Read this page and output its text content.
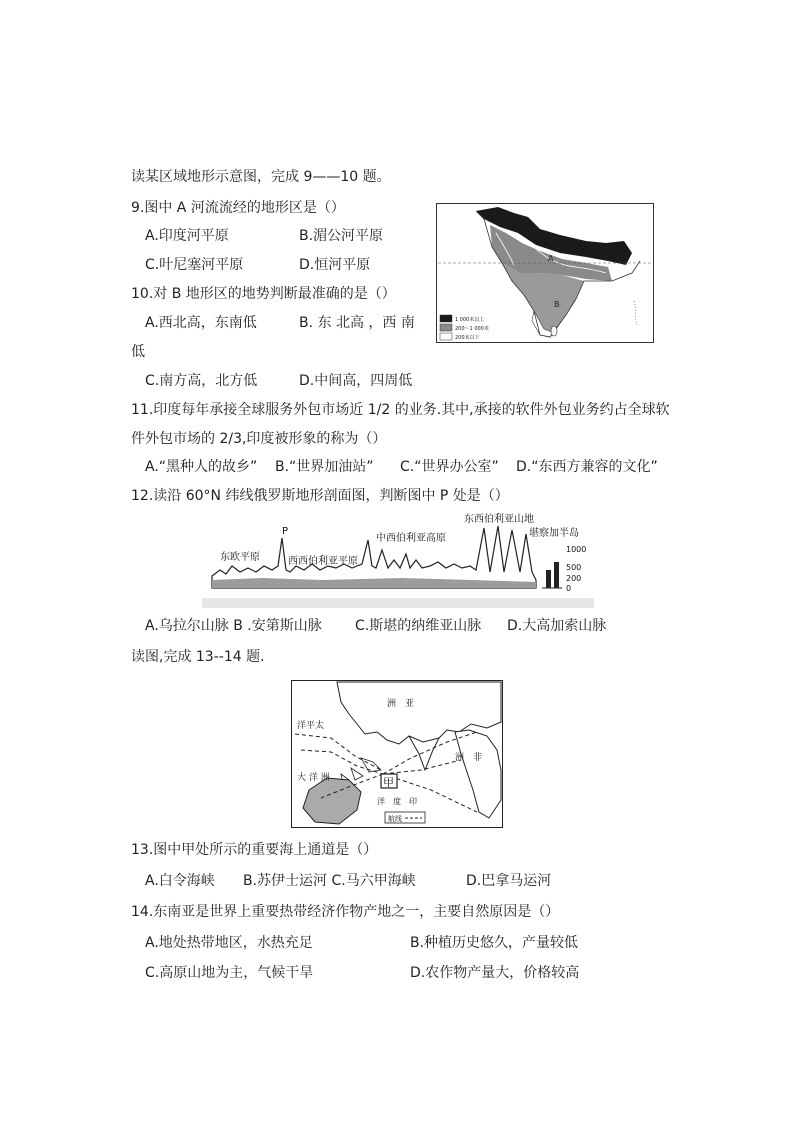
读某区域地形示意图，完成 9——10 题。
9.图中 A 河流流经的地形区是（）
A.印度河平原	B.湄公河平原
C.叶尼塞河平原	D.恒河平原
10.对 B 地形区的地势判断最准确的是（）
A.西北高，东南低	B. 东 北高 ，西 南
低
C.南方高，北方低	D.中间高，四周低
A
B
1 000米以上
200～1 000米
200米以下
11.印度每年承接全球服务外包市场近 1/2 的业务.其中,承接的软件外包业务约占全球软
件外包市场的 2/3,印度被形象的称为（）
A.“黑种人的故乡” B.“世界加油站” C.“世界办公室” D.“东西方兼容的文化”
12.读沿 60°N 纬线俄罗斯地形剖面图，判断图中 P 处是（）
P
东欧平原	西西伯利亚平原
中西伯利亚高原
东西伯利亚山地
堪察加半岛
1000
500
200
0
A.乌拉尔山脉 B .安第斯山脉 C.斯堪的纳维亚山脉 D.大高加索山脉
读图,完成 13--14 题.
甲
洲　亚
洋平太
洲　非
大 洋 洲
洋　度　印
航线
13.图中甲处所示的重要海上通道是（）
A.白令海峡 B.苏伊士运河 C.马六甲海峡	D.巴拿马运河
14.东南亚是世界上重要热带经济作物产地之一，主要自然原因是（）
A.地处热带地区，水热充足	B.种植历史悠久，产量较低
C.高原山地为主，气候干旱	D.农作物产量大，价格较高
